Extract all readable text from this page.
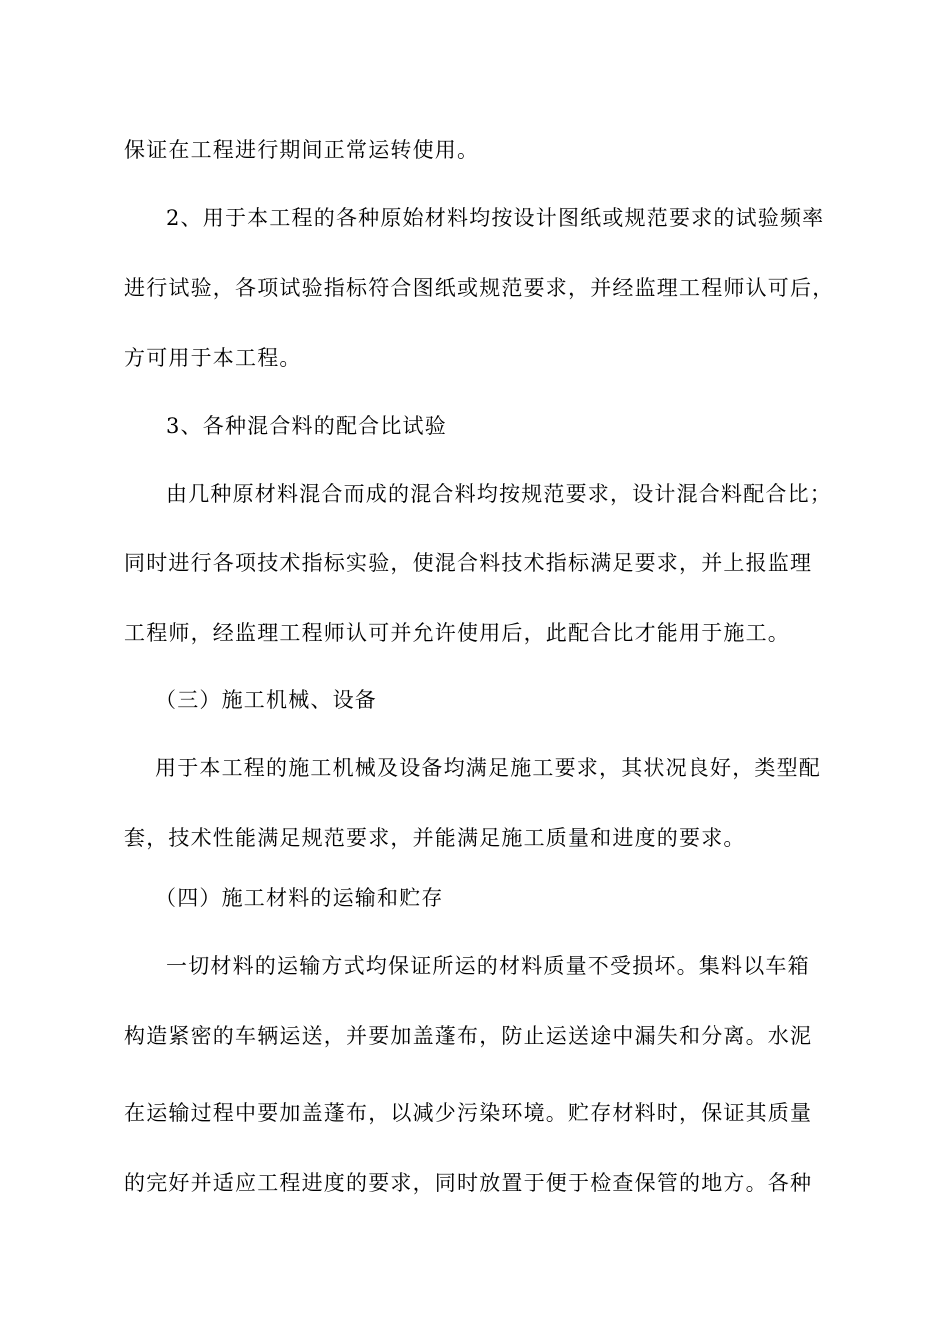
保证在工程进行期间正常运转使用。
2、用于本工程的各种原始材料均按设计图纸或规范要求的试验频率
进行试验，各项试验指标符合图纸或规范要求，并经监理工程师认可后，
方可用于本工程。
3、各种混合料的配合比试验
由几种原材料混合而成的混合料均按规范要求，设计混合料配合比；
同时进行各项技术指标实验，使混合料技术指标满足要求，并上报监理
工程师，经监理工程师认可并允许使用后，此配合比才能用于施工。
（三）施工机械、设备
用于本工程的施工机械及设备均满足施工要求，其状况良好，类型配
套，技术性能满足规范要求，并能满足施工质量和进度的要求。
（四）施工材料的运输和贮存
一切材料的运输方式均保证所运的材料质量不受损坏。集料以车箱
构造紧密的车辆运送，并要加盖蓬布，防止运送途中漏失和分离。水泥
在运输过程中要加盖蓬布，以减少污染环境。贮存材料时，保证其质量
的完好并适应工程进度的要求，同时放置于便于检查保管的地方。各种
